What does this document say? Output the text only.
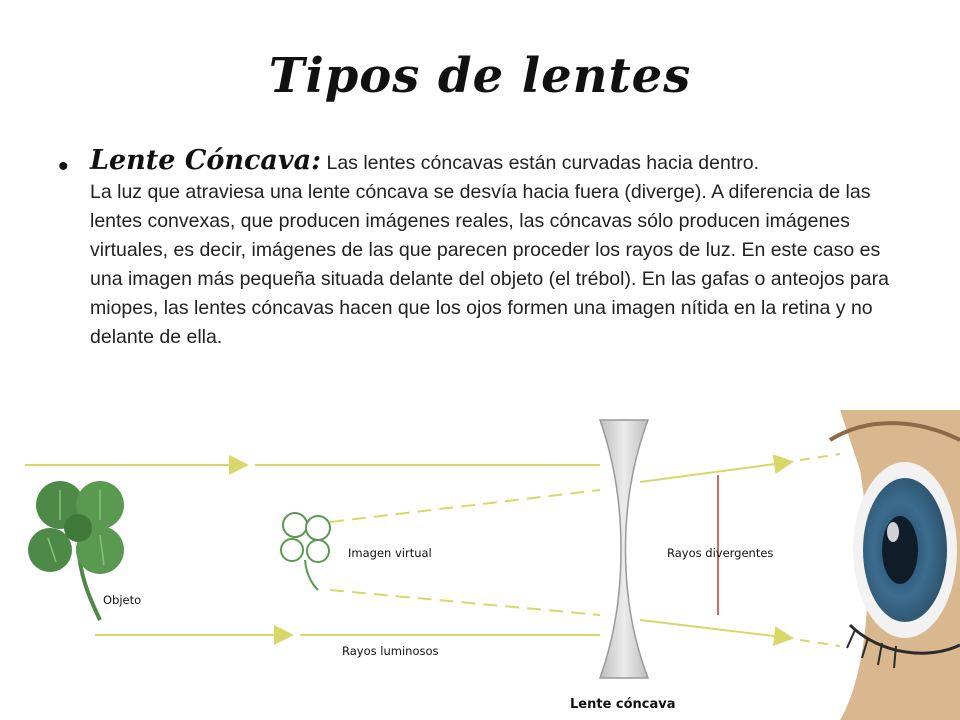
Tipos de lentes
• Lente Cóncava: Las lentes cóncavas están curvadas hacia dentro.
La luz que atraviesa una lente cóncava se desvía hacia fuera (diverge). A diferencia de las lentes convexas, que producen imágenes reales, las cóncavas sólo producen imágenes virtuales, es decir, imágenes de las que parecen proceder los rayos de luz. En este caso es una imagen más pequeña situada delante del objeto (el trébol). En las gafas o anteojos para miopes, las lentes cóncavas hacen que los ojos formen una imagen nítida en la retina y no delante de ella.
Objeto
Imagen virtual
Rayos luminosos
Rayos divergentes
Lente cóncava
